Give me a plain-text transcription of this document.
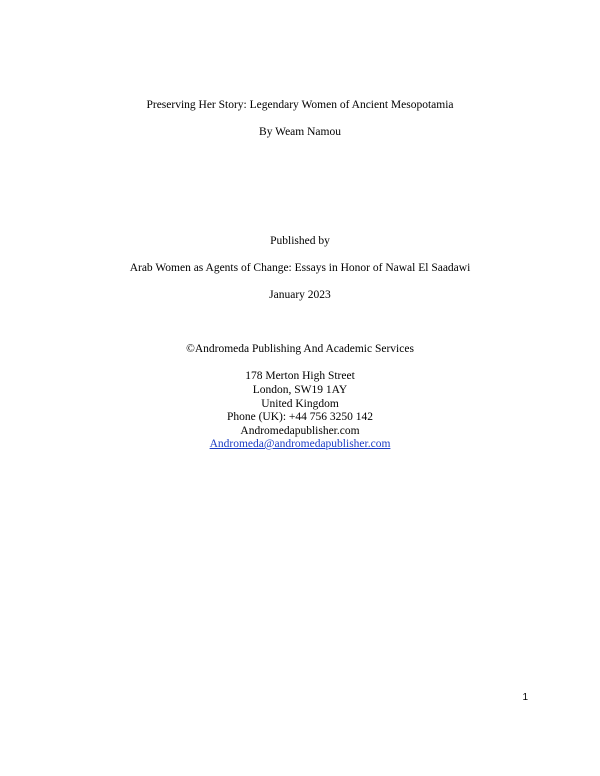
Preserving Her Story: Legendary Women of Ancient Mesopotamia
By Weam Namou
Published by
Arab Women as Agents of Change: Essays in Honor of Nawal El Saadawi
January 2023
©Andromeda Publishing And Academic Services
178 Merton High Street
London, SW19 1AY
United Kingdom
Phone (UK): +44 756 3250 142
Andromedapublisher.com
Andromeda@andromedapublisher.com
1
